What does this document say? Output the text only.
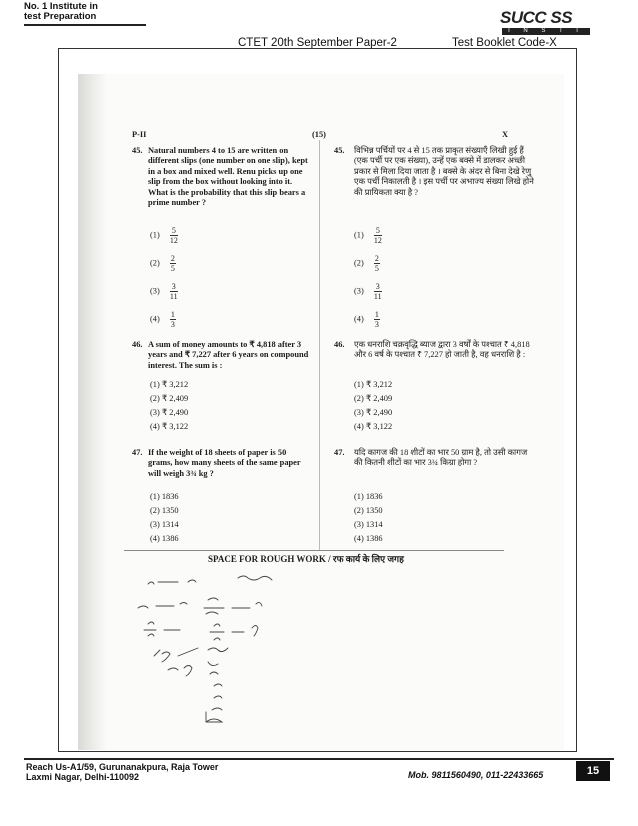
No. 1 Institute in
test Preparation
CTET 20th September Paper-2	Test Booklet Code-X
SUCC SS
I N S T I
P-II	(15)	X
45. Natural numbers 4 to 15 are written on different slips (one number on one slip), kept in a box and mixed well. Renu picks up one slip from the box without looking into it. What is the probability that this slip bears a prime number ?
$(1) \frac{5}{12}$
$(2) \frac{2}{5}$
$(3) \frac{3}{11}$
$(4) \frac{1}{3}$
46. A sum of money amounts to ₹ 4,818 after 3 years and ₹ 7,227 after 6 years on compound interest. The sum is :
(1) ₹ 3,212
(2) ₹ 2,409
(3) ₹ 2,490
(4) ₹ 3,122
47. If the weight of 18 sheets of paper is 50 grams, how many sheets of the same paper will weigh 3¾ kg ?
(1) 1836
(2) 1350
(3) 1314
(4) 1386
45. विभिन्न पर्चियों पर 4 से 15 तक प्राकृत संख्याएँ लिखी हुई हैं (एक पर्ची पर एक संख्या), उन्हें एक बक्से में डालकर अच्छी प्रकार से मिला दिया जाता है । बक्से के अंदर से बिना देखे रेणु एक पर्ची निकालती है । इस पर्ची पर अभाज्य संख्या लिखे होने की प्रायिकता क्या है ?
$(1) \frac{5}{12}$
$(2) \frac{2}{5}$
$(3) \frac{3}{11}$
$(4) \frac{1}{3}$
46. एक धनराशि चक्रवृद्धि ब्याज द्वारा 3 वर्षों के पश्चात ₹ 4,818 और 6 वर्ष के पश्चात ₹ 7,227 हो जाती है, वह धनराशि है :
(1) ₹ 3,212
(2) ₹ 2,409
(3) ₹ 2,490
(4) ₹ 3,122
47. यदि कागज की 18 शीटों का भार 50 ग्राम है, तो उसी कागज की कितनी शीटों का भार 3¾ किग्रा होगा ?
(1) 1836
(2) 1350
(3) 1314
(4) 1386
SPACE FOR ROUGH WORK / रफ कार्य के लिए जगह
Reach Us-A1/59, Gurunanakpura, Raja Tower
Laxmi Nagar, Delhi-110092	Mob. 9811560490, 011-22433665	15
